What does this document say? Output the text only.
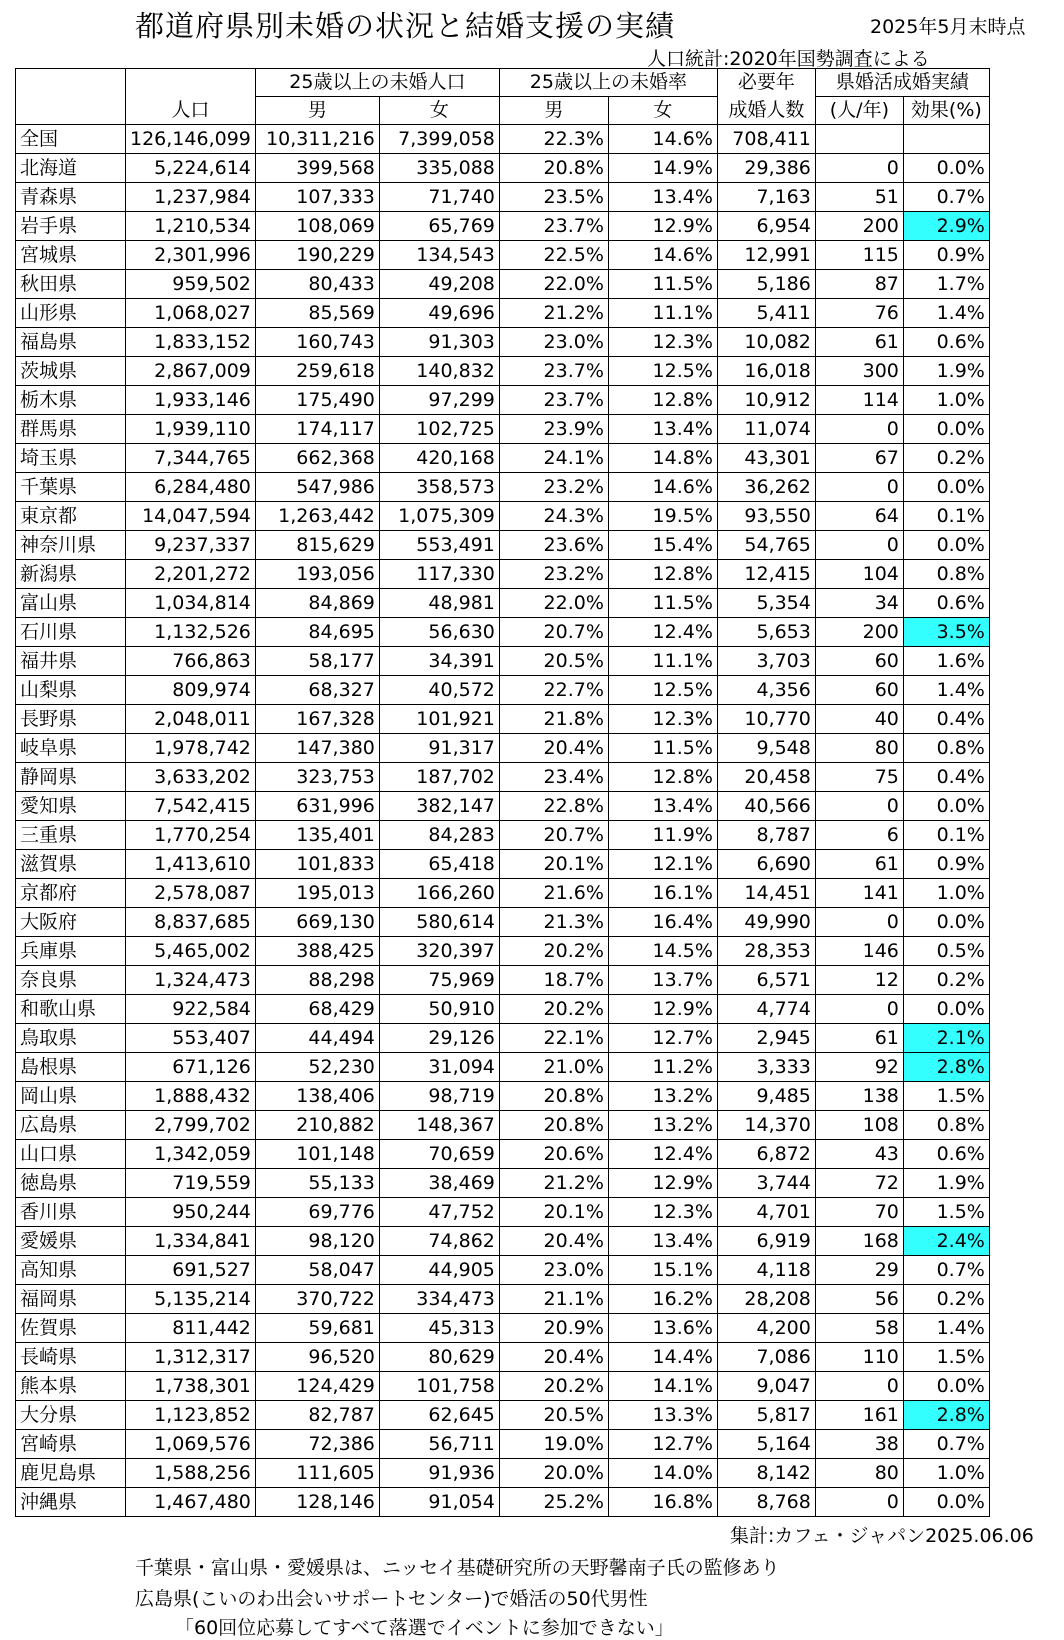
都道府県別未婚の状況と結婚支援の実績	2025年5月末時点
人口統計:2020年国勢調査による
		25歳以上の未婚人口		25歳以上の未婚率		必要年	県婚活成婚実績	
	人口	男	女	男	女	成婚人数	(人/年)	効果(%)
全国	126,146,099	10,311,216	7,399,058	22.3%	14.6%	708,411		
北海道	5,224,614	399,568	335,088	20.8%	14.9%	29,386	0	0.0%
青森県	1,237,984	107,333	71,740	23.5%	13.4%	7,163	51	0.7%
岩手県	1,210,534	108,069	65,769	23.7%	12.9%	6,954	200	2.9%
宮城県	2,301,996	190,229	134,543	22.5%	14.6%	12,991	115	0.9%
秋田県	959,502	80,433	49,208	22.0%	11.5%	5,186	87	1.7%
山形県	1,068,027	85,569	49,696	21.2%	11.1%	5,411	76	1.4%
福島県	1,833,152	160,743	91,303	23.0%	12.3%	10,082	61	0.6%
茨城県	2,867,009	259,618	140,832	23.7%	12.5%	16,018	300	1.9%
栃木県	1,933,146	175,490	97,299	23.7%	12.8%	10,912	114	1.0%
群馬県	1,939,110	174,117	102,725	23.9%	13.4%	11,074	0	0.0%
埼玉県	7,344,765	662,368	420,168	24.1%	14.8%	43,301	67	0.2%
千葉県	6,284,480	547,986	358,573	23.2%	14.6%	36,262	0	0.0%
東京都	14,047,594	1,263,442	1,075,309	24.3%	19.5%	93,550	64	0.1%
神奈川県	9,237,337	815,629	553,491	23.6%	15.4%	54,765	0	0.0%
新潟県	2,201,272	193,056	117,330	23.2%	12.8%	12,415	104	0.8%
富山県	1,034,814	84,869	48,981	22.0%	11.5%	5,354	34	0.6%
石川県	1,132,526	84,695	56,630	20.7%	12.4%	5,653	200	3.5%
福井県	766,863	58,177	34,391	20.5%	11.1%	3,703	60	1.6%
山梨県	809,974	68,327	40,572	22.7%	12.5%	4,356	60	1.4%
長野県	2,048,011	167,328	101,921	21.8%	12.3%	10,770	40	0.4%
岐阜県	1,978,742	147,380	91,317	20.4%	11.5%	9,548	80	0.8%
静岡県	3,633,202	323,753	187,702	23.4%	12.8%	20,458	75	0.4%
愛知県	7,542,415	631,996	382,147	22.8%	13.4%	40,566	0	0.0%
三重県	1,770,254	135,401	84,283	20.7%	11.9%	8,787	6	0.1%
滋賀県	1,413,610	101,833	65,418	20.1%	12.1%	6,690	61	0.9%
京都府	2,578,087	195,013	166,260	21.6%	16.1%	14,451	141	1.0%
大阪府	8,837,685	669,130	580,614	21.3%	16.4%	49,990	0	0.0%
兵庫県	5,465,002	388,425	320,397	20.2%	14.5%	28,353	146	0.5%
奈良県	1,324,473	88,298	75,969	18.7%	13.7%	6,571	12	0.2%
和歌山県	922,584	68,429	50,910	20.2%	12.9%	4,774	0	0.0%
鳥取県	553,407	44,494	29,126	22.1%	12.7%	2,945	61	2.1%
島根県	671,126	52,230	31,094	21.0%	11.2%	3,333	92	2.8%
岡山県	1,888,432	138,406	98,719	20.8%	13.2%	9,485	138	1.5%
広島県	2,799,702	210,882	148,367	20.8%	13.2%	14,370	108	0.8%
山口県	1,342,059	101,148	70,659	20.6%	12.4%	6,872	43	0.6%
徳島県	719,559	55,133	38,469	21.2%	12.9%	3,744	72	1.9%
香川県	950,244	69,776	47,752	20.1%	12.3%	4,701	70	1.5%
愛媛県	1,334,841	98,120	74,862	20.4%	13.4%	6,919	168	2.4%
高知県	691,527	58,047	44,905	23.0%	15.1%	4,118	29	0.7%
福岡県	5,135,214	370,722	334,473	21.1%	16.2%	28,208	56	0.2%
佐賀県	811,442	59,681	45,313	20.9%	13.6%	4,200	58	1.4%
長崎県	1,312,317	96,520	80,629	20.4%	14.4%	7,086	110	1.5%
熊本県	1,738,301	124,429	101,758	20.2%	14.1%	9,047	0	0.0%
大分県	1,123,852	82,787	62,645	20.5%	13.3%	5,817	161	2.8%
宮崎県	1,069,576	72,386	56,711	19.0%	12.7%	5,164	38	0.7%
鹿児島県	1,588,256	111,605	91,936	20.0%	14.0%	8,142	80	1.0%
沖縄県	1,467,480	128,146	91,054	25.2%	16.8%	8,768	0	0.0%
集計:カフェ・ジャパン2025.06.06
千葉県・富山県・愛媛県は、ニッセイ基礎研究所の天野馨南子氏の監修あり
広島県(こいのわ出会いサポートセンター)で婚活の50代男性
「60回位応募してすべて落選でイベントに参加できない」
